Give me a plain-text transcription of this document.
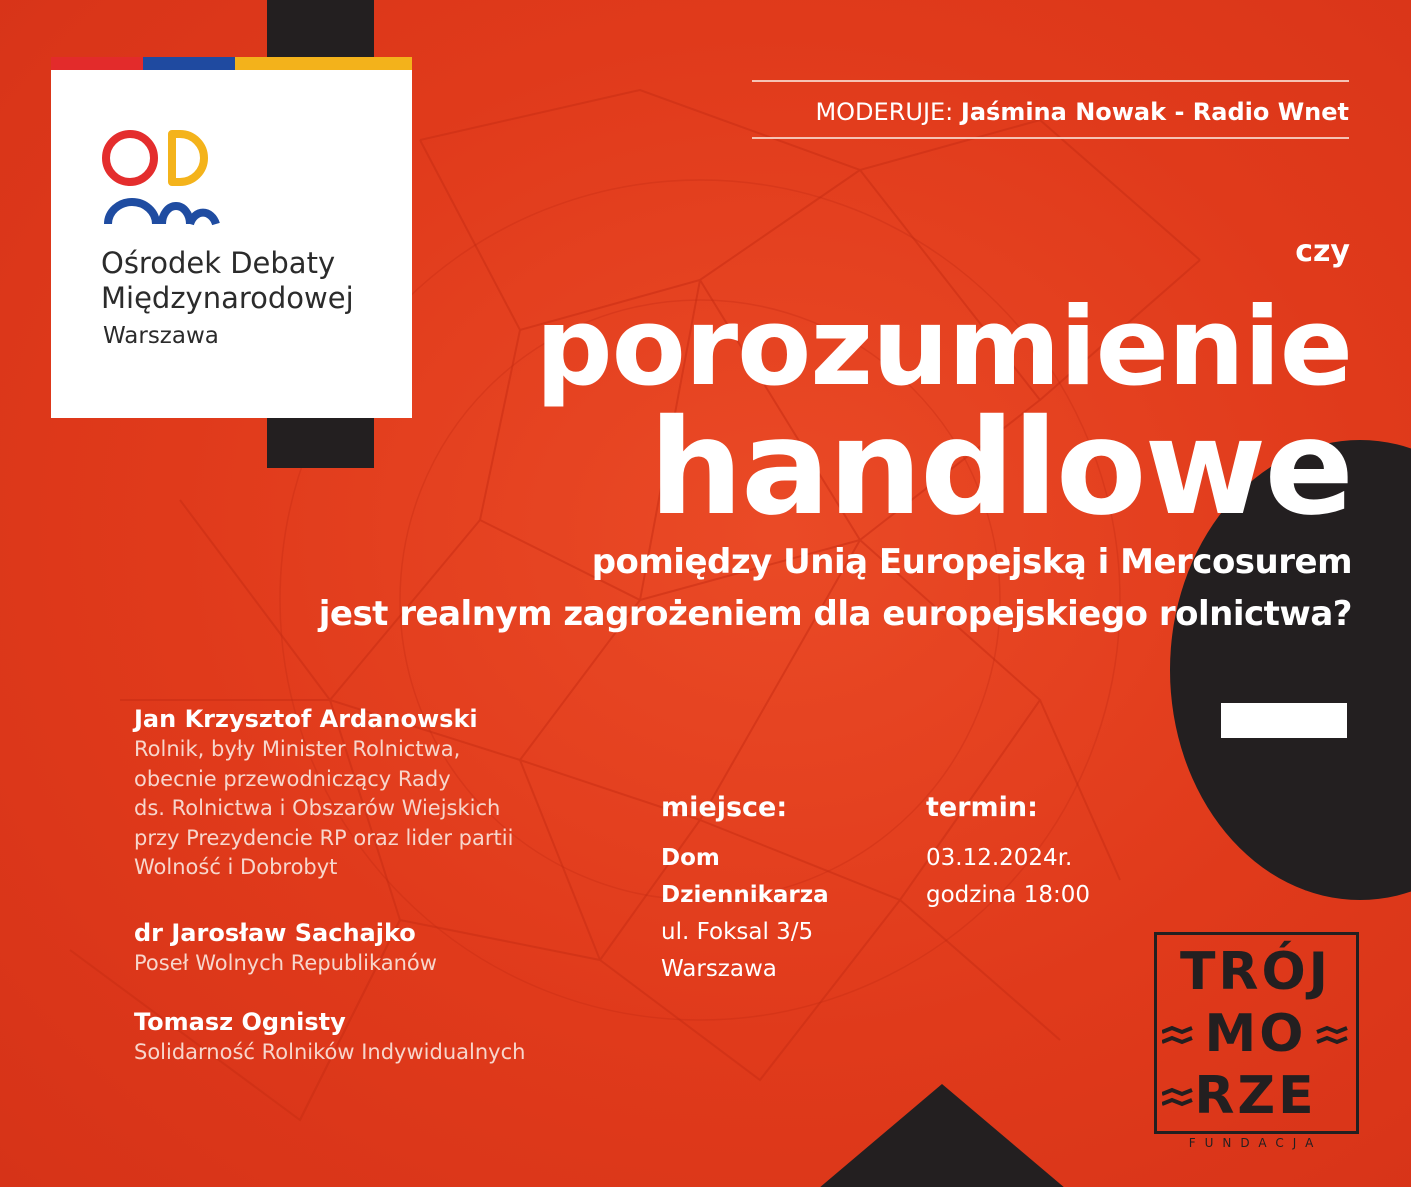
Ośrodek Debaty
Międzynarodowej
Warszawa
MODERUJE: Jaśmina Nowak - Radio Wnet
czy
porozumienie
handlowe
pomiędzy Unią Europejską i Mercosurem
jest realnym zagrożeniem dla europejskiego rolnictwa?
Jan Krzysztof Ardanowski
Rolnik, były Minister Rolnictwa,
obecnie przewodniczący Rady
ds. Rolnictwa i Obszarów Wiejskich
przy Prezydencie RP oraz lider partii
Wolność i Dobrobyt
dr Jarosław Sachajko
Poseł Wolnych Republikanów
Tomasz Ognisty
Solidarność Rolników Indywidualnych
miejsce:
Dom
Dziennikarza
ul. Foksal 3/5
Warszawa
termin:
03.12.2024r.
godzina 18:00
TRÓJ
MO
RZE
FUNDACJA
